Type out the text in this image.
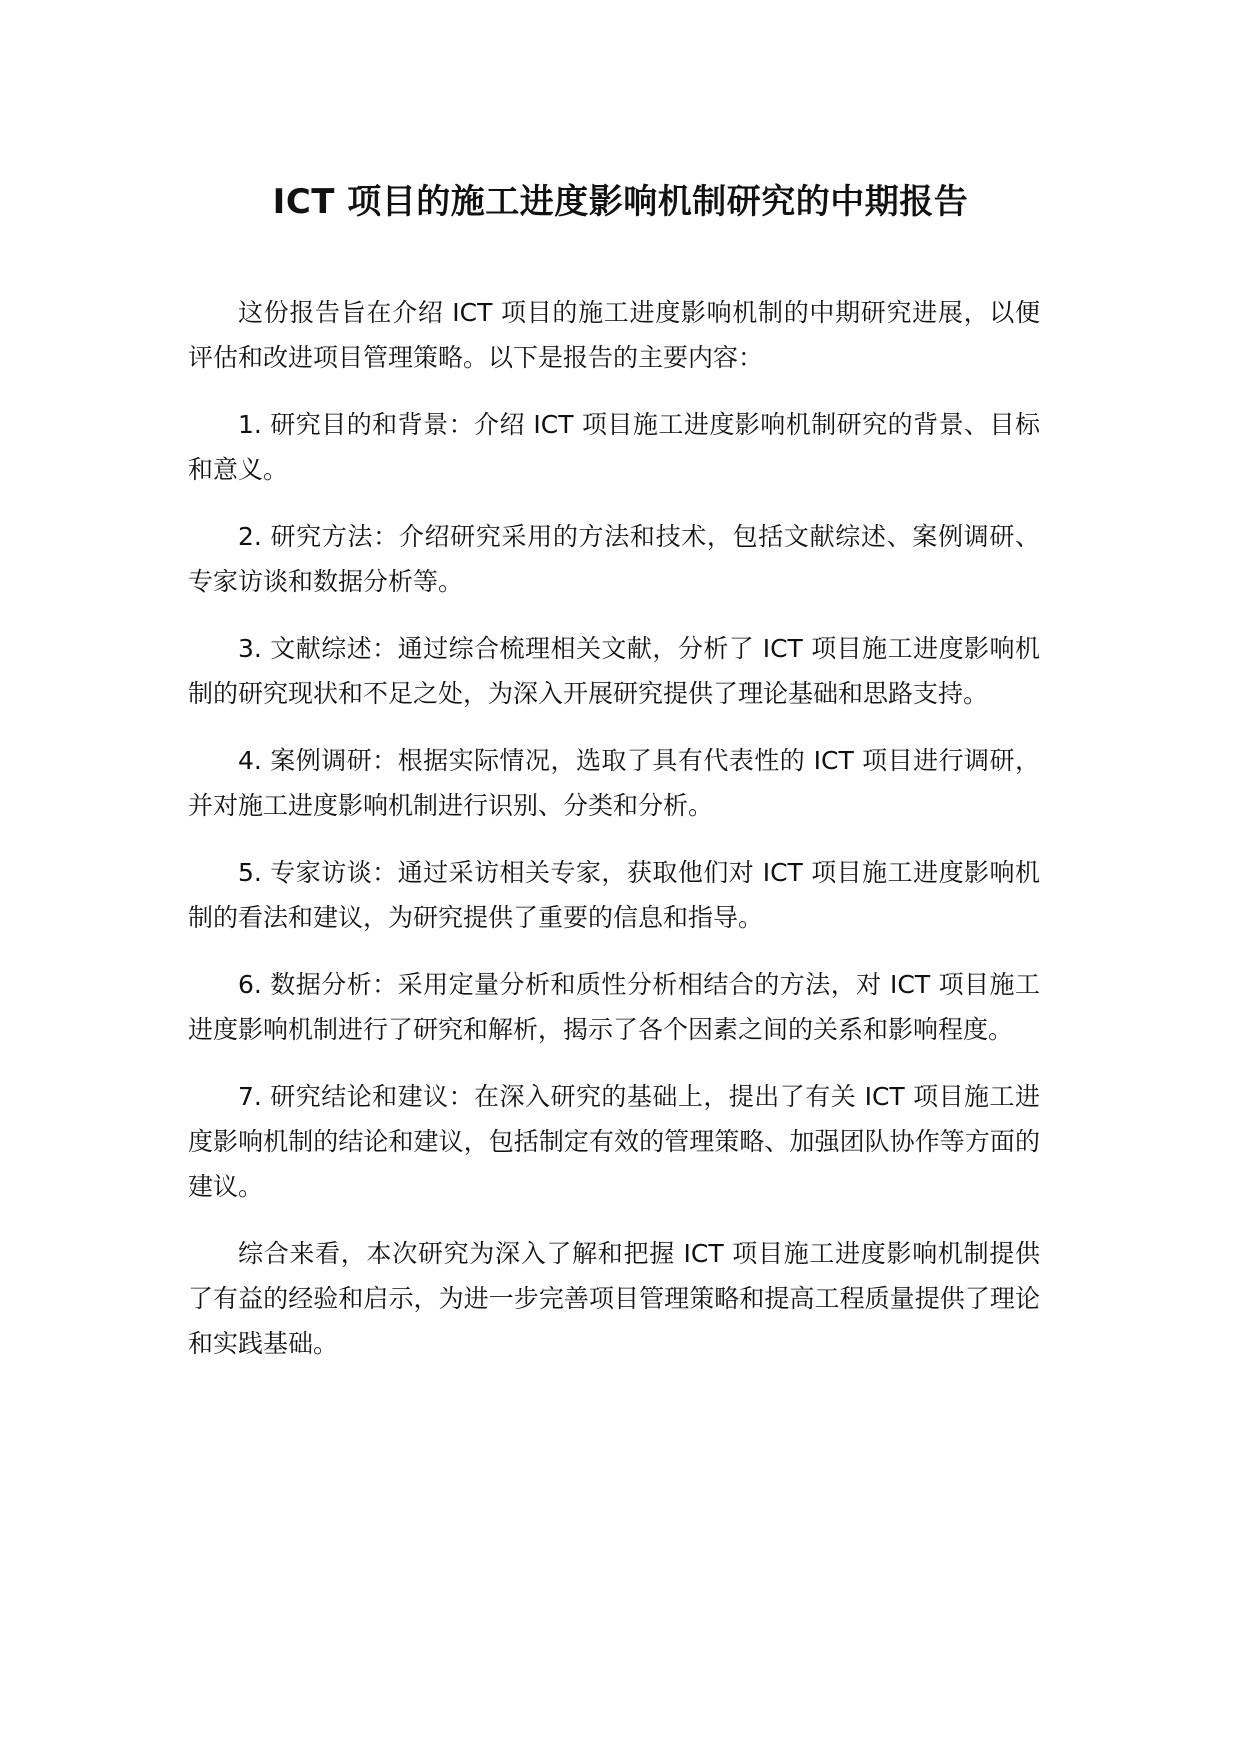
ICT 项目的施工进度影响机制研究的中期报告

这份报告旨在介绍 ICT 项目的施工进度影响机制的中期研究进展，以便评估和改进项目管理策略。以下是报告的主要内容：

1. 研究目的和背景：介绍 ICT 项目施工进度影响机制研究的背景、目标和意义。

2. 研究方法：介绍研究采用的方法和技术，包括文献综述、案例调研、专家访谈和数据分析等。

3. 文献综述：通过综合梳理相关文献，分析了 ICT 项目施工进度影响机制的研究现状和不足之处，为深入开展研究提供了理论基础和思路支持。

4. 案例调研：根据实际情况，选取了具有代表性的 ICT 项目进行调研，并对施工进度影响机制进行识别、分类和分析。

5. 专家访谈：通过采访相关专家，获取他们对 ICT 项目施工进度影响机制的看法和建议，为研究提供了重要的信息和指导。

6. 数据分析：采用定量分析和质性分析相结合的方法，对 ICT 项目施工进度影响机制进行了研究和解析，揭示了各个因素之间的关系和影响程度。

7. 研究结论和建议：在深入研究的基础上，提出了有关 ICT 项目施工进度影响机制的结论和建议，包括制定有效的管理策略、加强团队协作等方面的建议。

综合来看，本次研究为深入了解和把握 ICT 项目施工进度影响机制提供了有益的经验和启示，为进一步完善项目管理策略和提高工程质量提供了理论和实践基础。
